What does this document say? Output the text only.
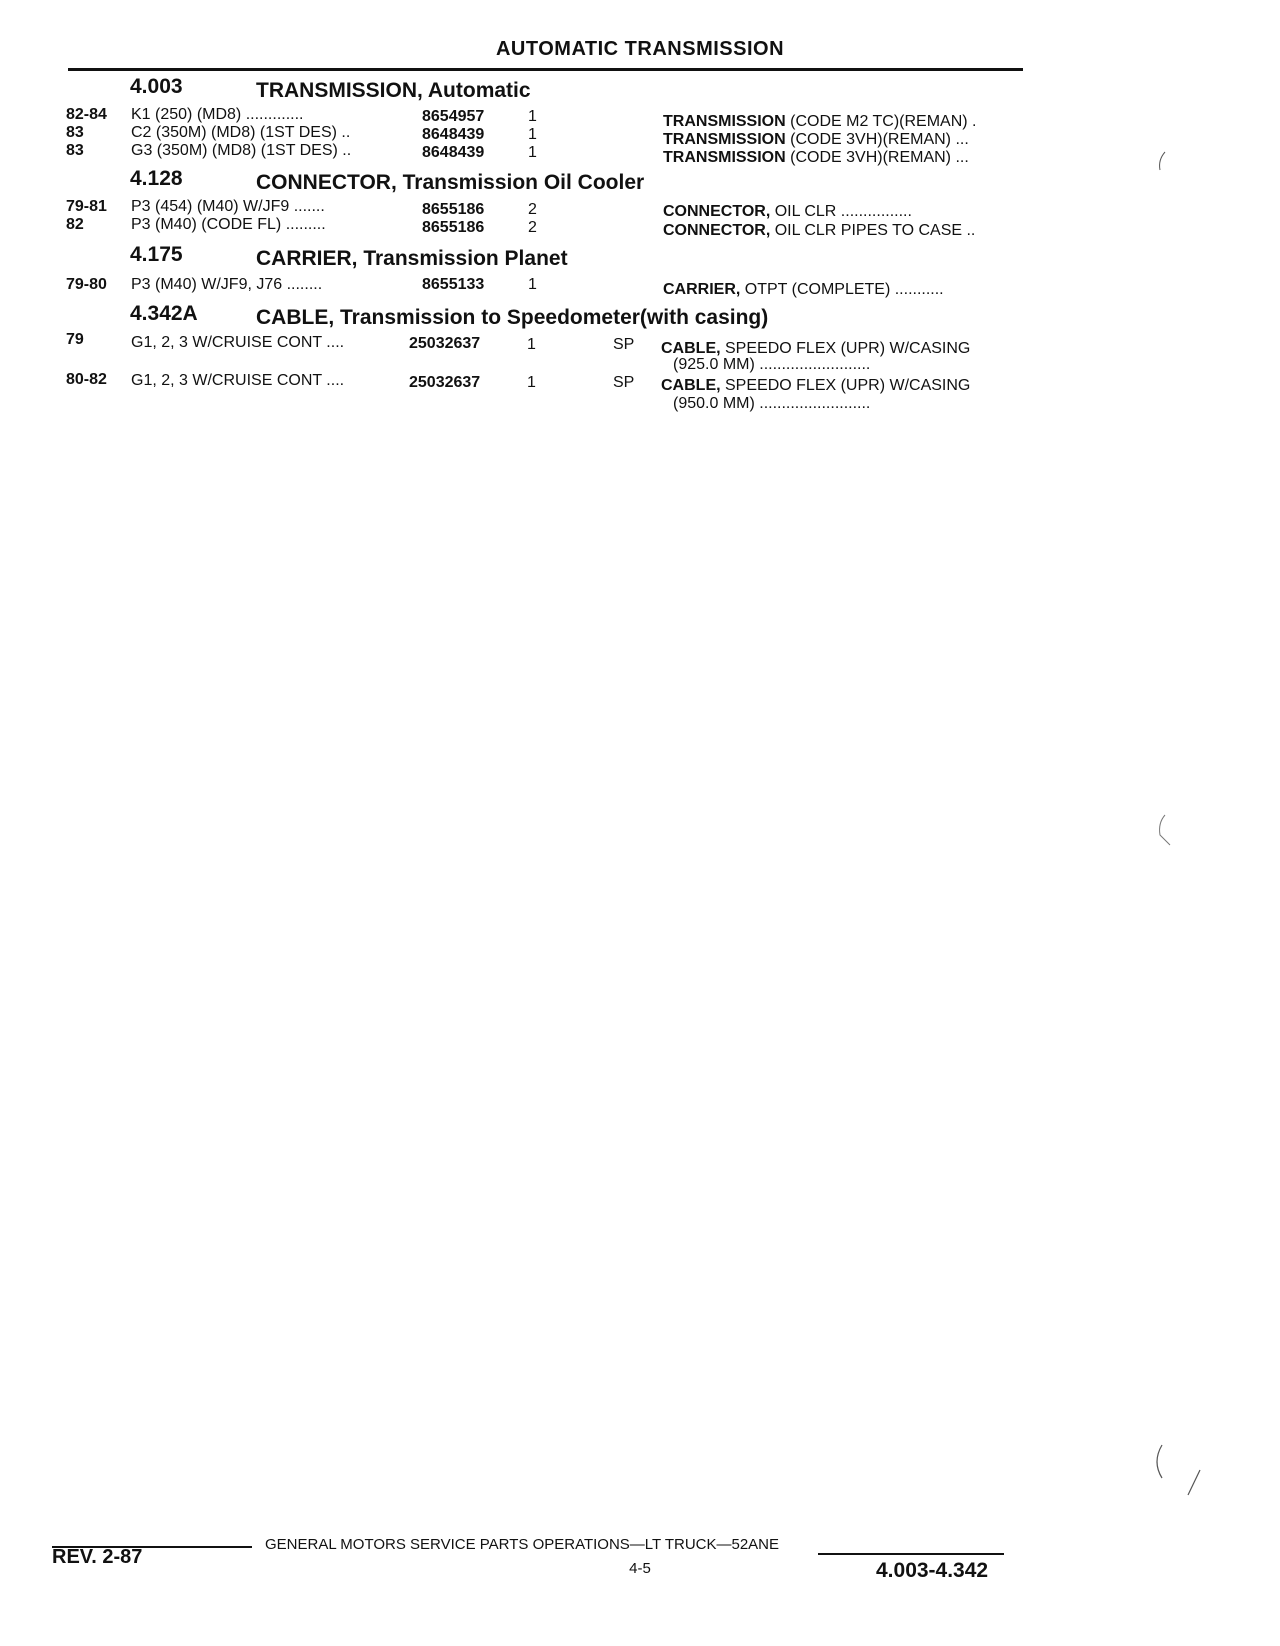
AUTOMATIC TRANSMISSION
4.003	TRANSMISSION, Automatic
82-84 K1 (250) (MD8) .............	8654957	1	TRANSMISSION (CODE M2 TC)(REMAN) .
83	C2 (350M) (MD8) (1ST DES) ..	8648439	1	TRANSMISSION (CODE 3VH)(REMAN) ...
83	G3 (350M) (MD8) (1ST DES) ..	8648439	1	TRANSMISSION (CODE 3VH)(REMAN) ...
4.128	CONNECTOR, Transmission Oil Cooler
79-81 P3 (454) (M40) W/JF9 .......	8655186	2	CONNECTOR, OIL CLR ................
82	P3 (M40) (CODE FL) .........	8655186	2	CONNECTOR, OIL CLR PIPES TO CASE ..
4.175	CARRIER, Transmission Planet
79-80 P3 (M40) W/JF9, J76 ........	8655133	1	CARRIER, OTPT (COMPLETE) ...........
4.342A	CABLE, Transmission to Speedometer(with casing)
79	G1, 2, 3 W/CRUISE CONT ....	25032637	1	SP CABLE, SPEEDO FLEX (UPR) W/CASING
(925.0 MM) .........................
80-82 G1, 2, 3 W/CRUISE CONT ....	25032637	1	SP CABLE, SPEEDO FLEX (UPR) W/CASING
(950.0 MM) .........................
REV. 2-87
GENERAL MOTORS SERVICE PARTS OPERATIONS—LT TRUCK—52ANE
4-5	4.003-4.342
